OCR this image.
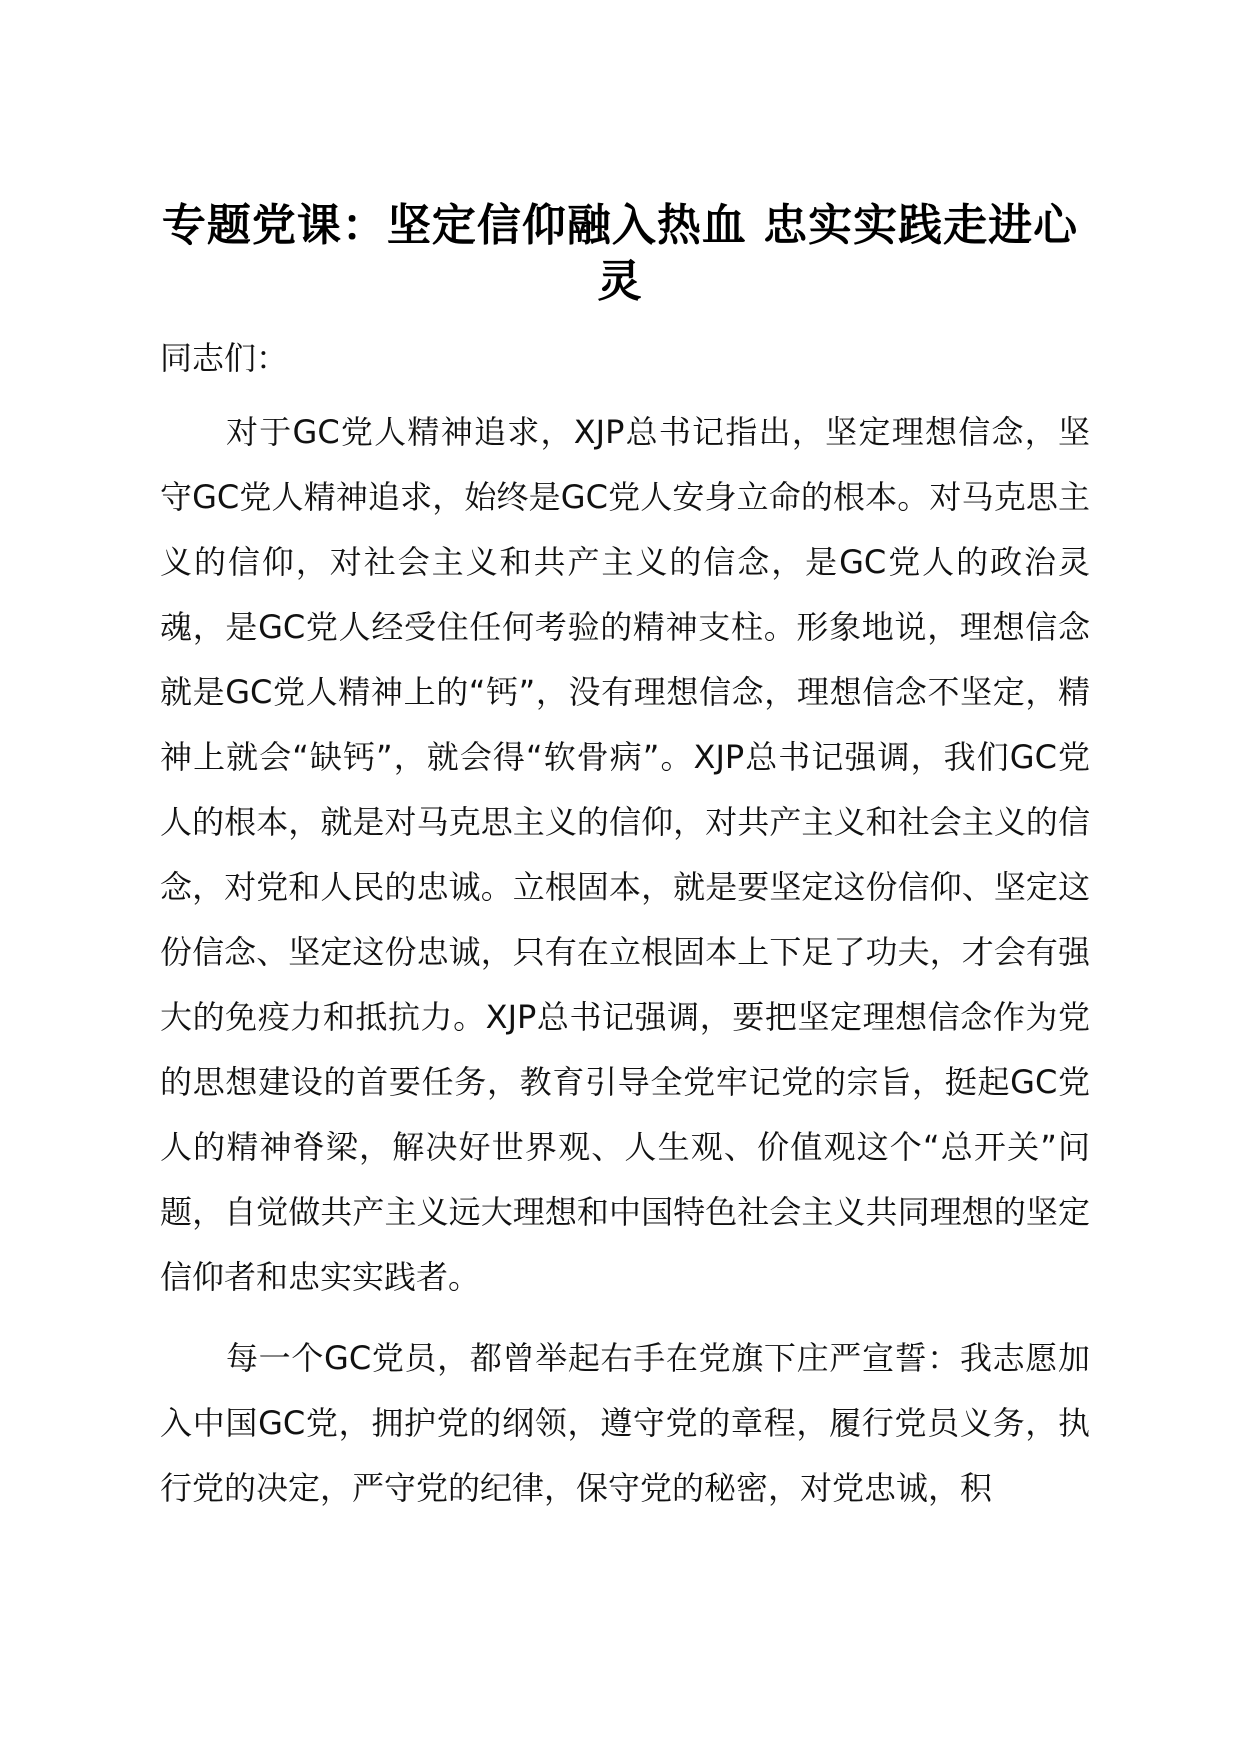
专题党课：坚定信仰融入热血 忠实实践走进心灵

同志们：

对于GC党人精神追求，XJP总书记指出，坚定理想信念，坚守GC党人精神追求，始终是GC党人安身立命的根本。对马克思主义的信仰，对社会主义和共产主义的信念，是GC党人的政治灵魂，是GC党人经受住任何考验的精神支柱。形象地说，理想信念就是GC党人精神上的“钙”，没有理想信念，理想信念不坚定，精神上就会“缺钙”，就会得“软骨病”。XJP总书记强调，我们GC党人的根本，就是对马克思主义的信仰，对共产主义和社会主义的信念，对党和人民的忠诚。立根固本，就是要坚定这份信仰、坚定这份信念、坚定这份忠诚，只有在立根固本上下足了功夫，才会有强大的免疫力和抵抗力。XJP总书记强调，要把坚定理想信念作为党的思想建设的首要任务，教育引导全党牢记党的宗旨，挺起GC党人的精神脊梁，解决好世界观、人生观、价值观这个“总开关”问题，自觉做共产主义远大理想和中国特色社会主义共同理想的坚定信仰者和忠实实践者。

每一个GC党员，都曾举起右手在党旗下庄严宣誓：我志愿加入中国GC党，拥护党的纲领，遵守党的章程，履行党员义务，执行党的决定，严守党的纪律，保守党的秘密，对党忠诚，积
